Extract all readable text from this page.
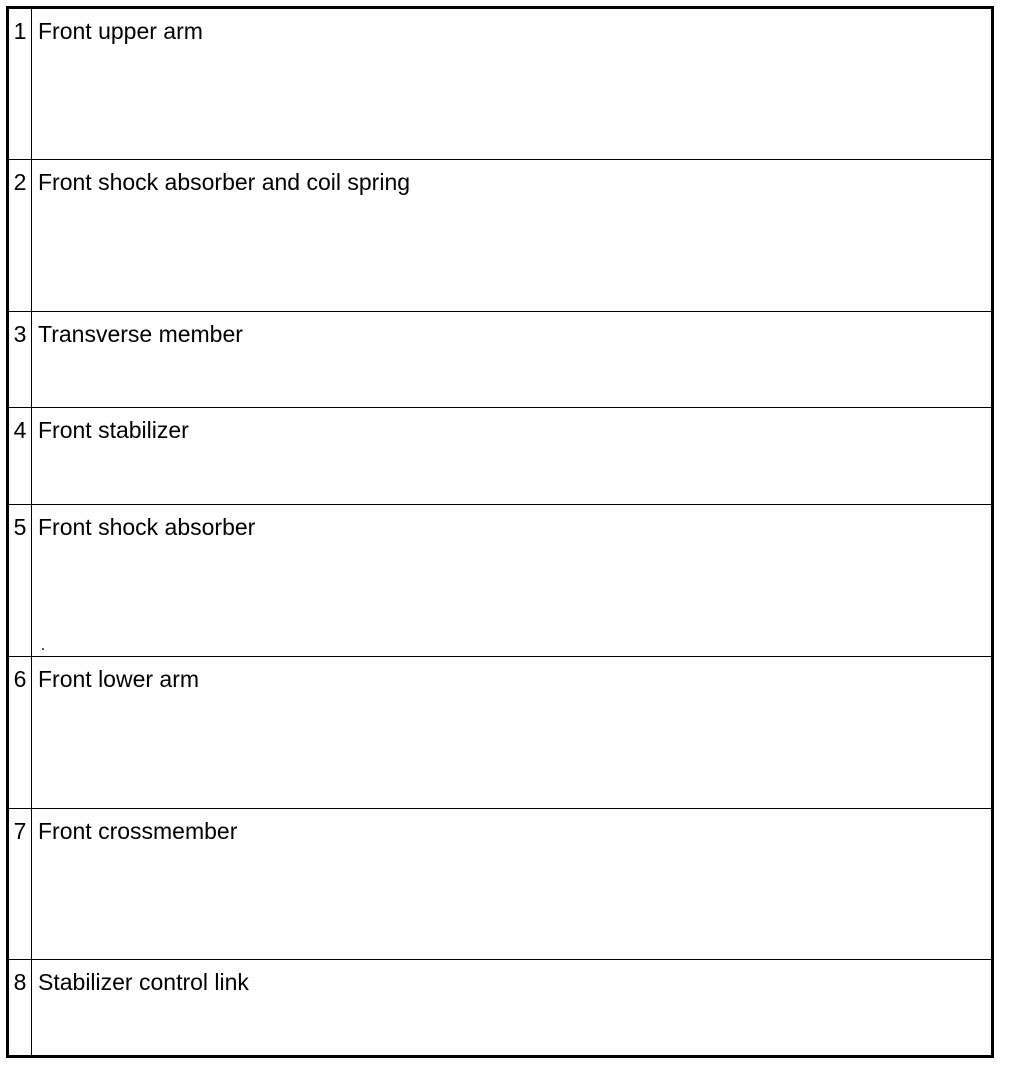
1	Front upper arm
2	Front shock absorber and coil spring
3	Transverse member
4	Front stabilizer
5	Front shock absorber
6	Front lower arm
7	Front crossmember
8	Stabilizer control link
